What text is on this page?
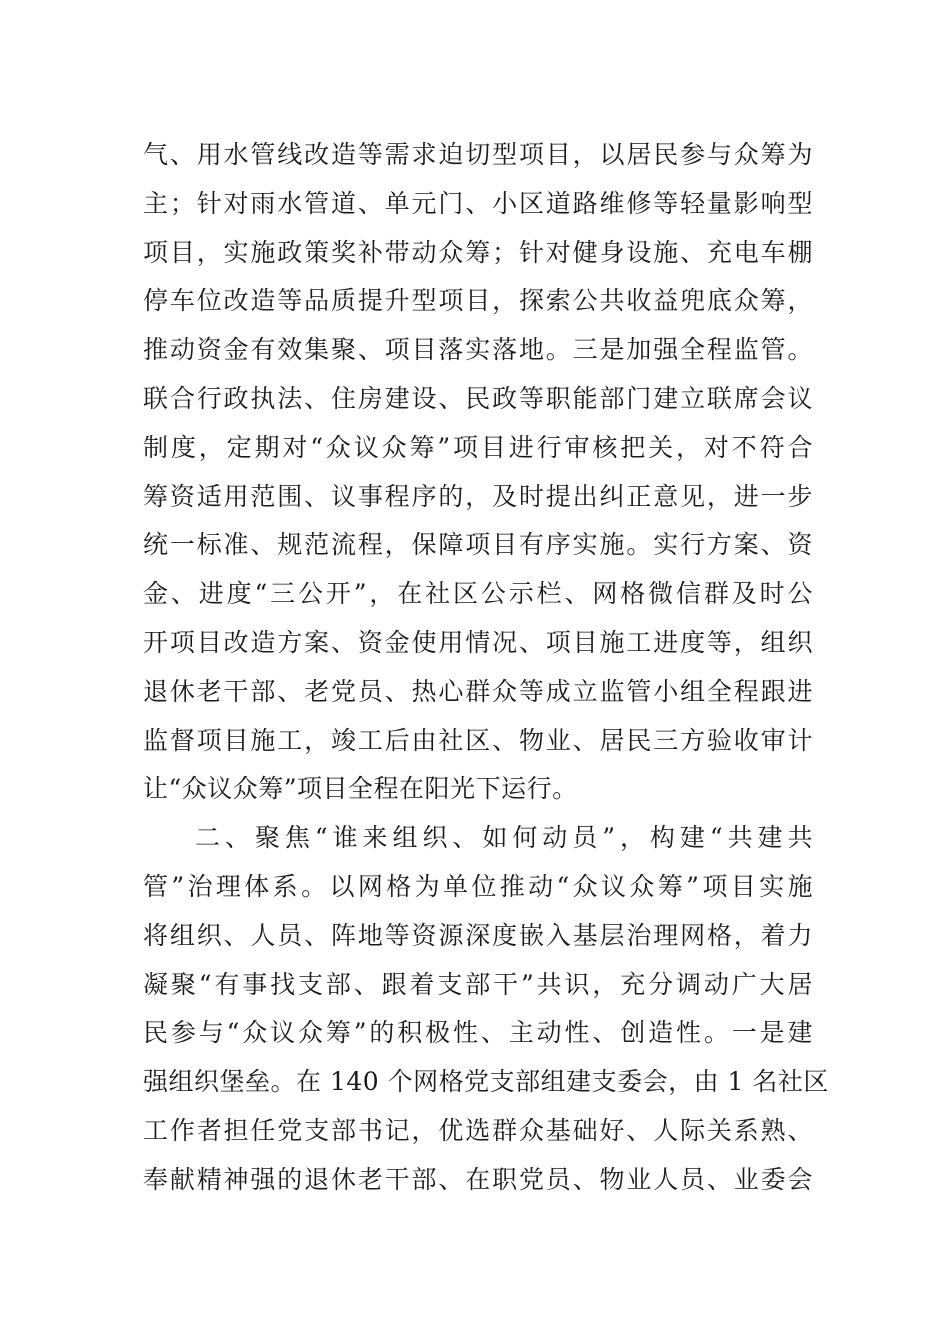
气、用水管线改造等需求迫切型项目，以居民参与众筹为
主；针对雨水管道、单元门、小区道路维修等轻量影响型
项目，实施政策奖补带动众筹；针对健身设施、充电车棚
停车位改造等品质提升型项目，探索公共收益兜底众筹，
推动资金有效集聚、项目落实落地。三是加强全程监管。
联合行政执法、住房建设、民政等职能部门建立联席会议
制度，定期对“众议众筹”项目进行审核把关，对不符合
筹资适用范围、议事程序的，及时提出纠正意见，进一步
统一标准、规范流程，保障项目有序实施。实行方案、资
金、进度“三公开”，在社区公示栏、网格微信群及时公
开项目改造方案、资金使用情况、项目施工进度等，组织
退休老干部、老党员、热心群众等成立监管小组全程跟进
监督项目施工，竣工后由社区、物业、居民三方验收审计
让“众议众筹”项目全程在阳光下运行。
二、聚焦“谁来组织、如何动员”，构建“共建共
管”治理体系。以网格为单位推动“众议众筹”项目实施
将组织、人员、阵地等资源深度嵌入基层治理网格，着力
凝聚“有事找支部、跟着支部干”共识，充分调动广大居
民参与“众议众筹”的积极性、主动性、创造性。一是建
强组织堡垒。在 140 个网格党支部组建支委会，由 1 名社区
工作者担任党支部书记，优选群众基础好、人际关系熟、
奉献精神强的退休老干部、在职党员、物业人员、业委会
